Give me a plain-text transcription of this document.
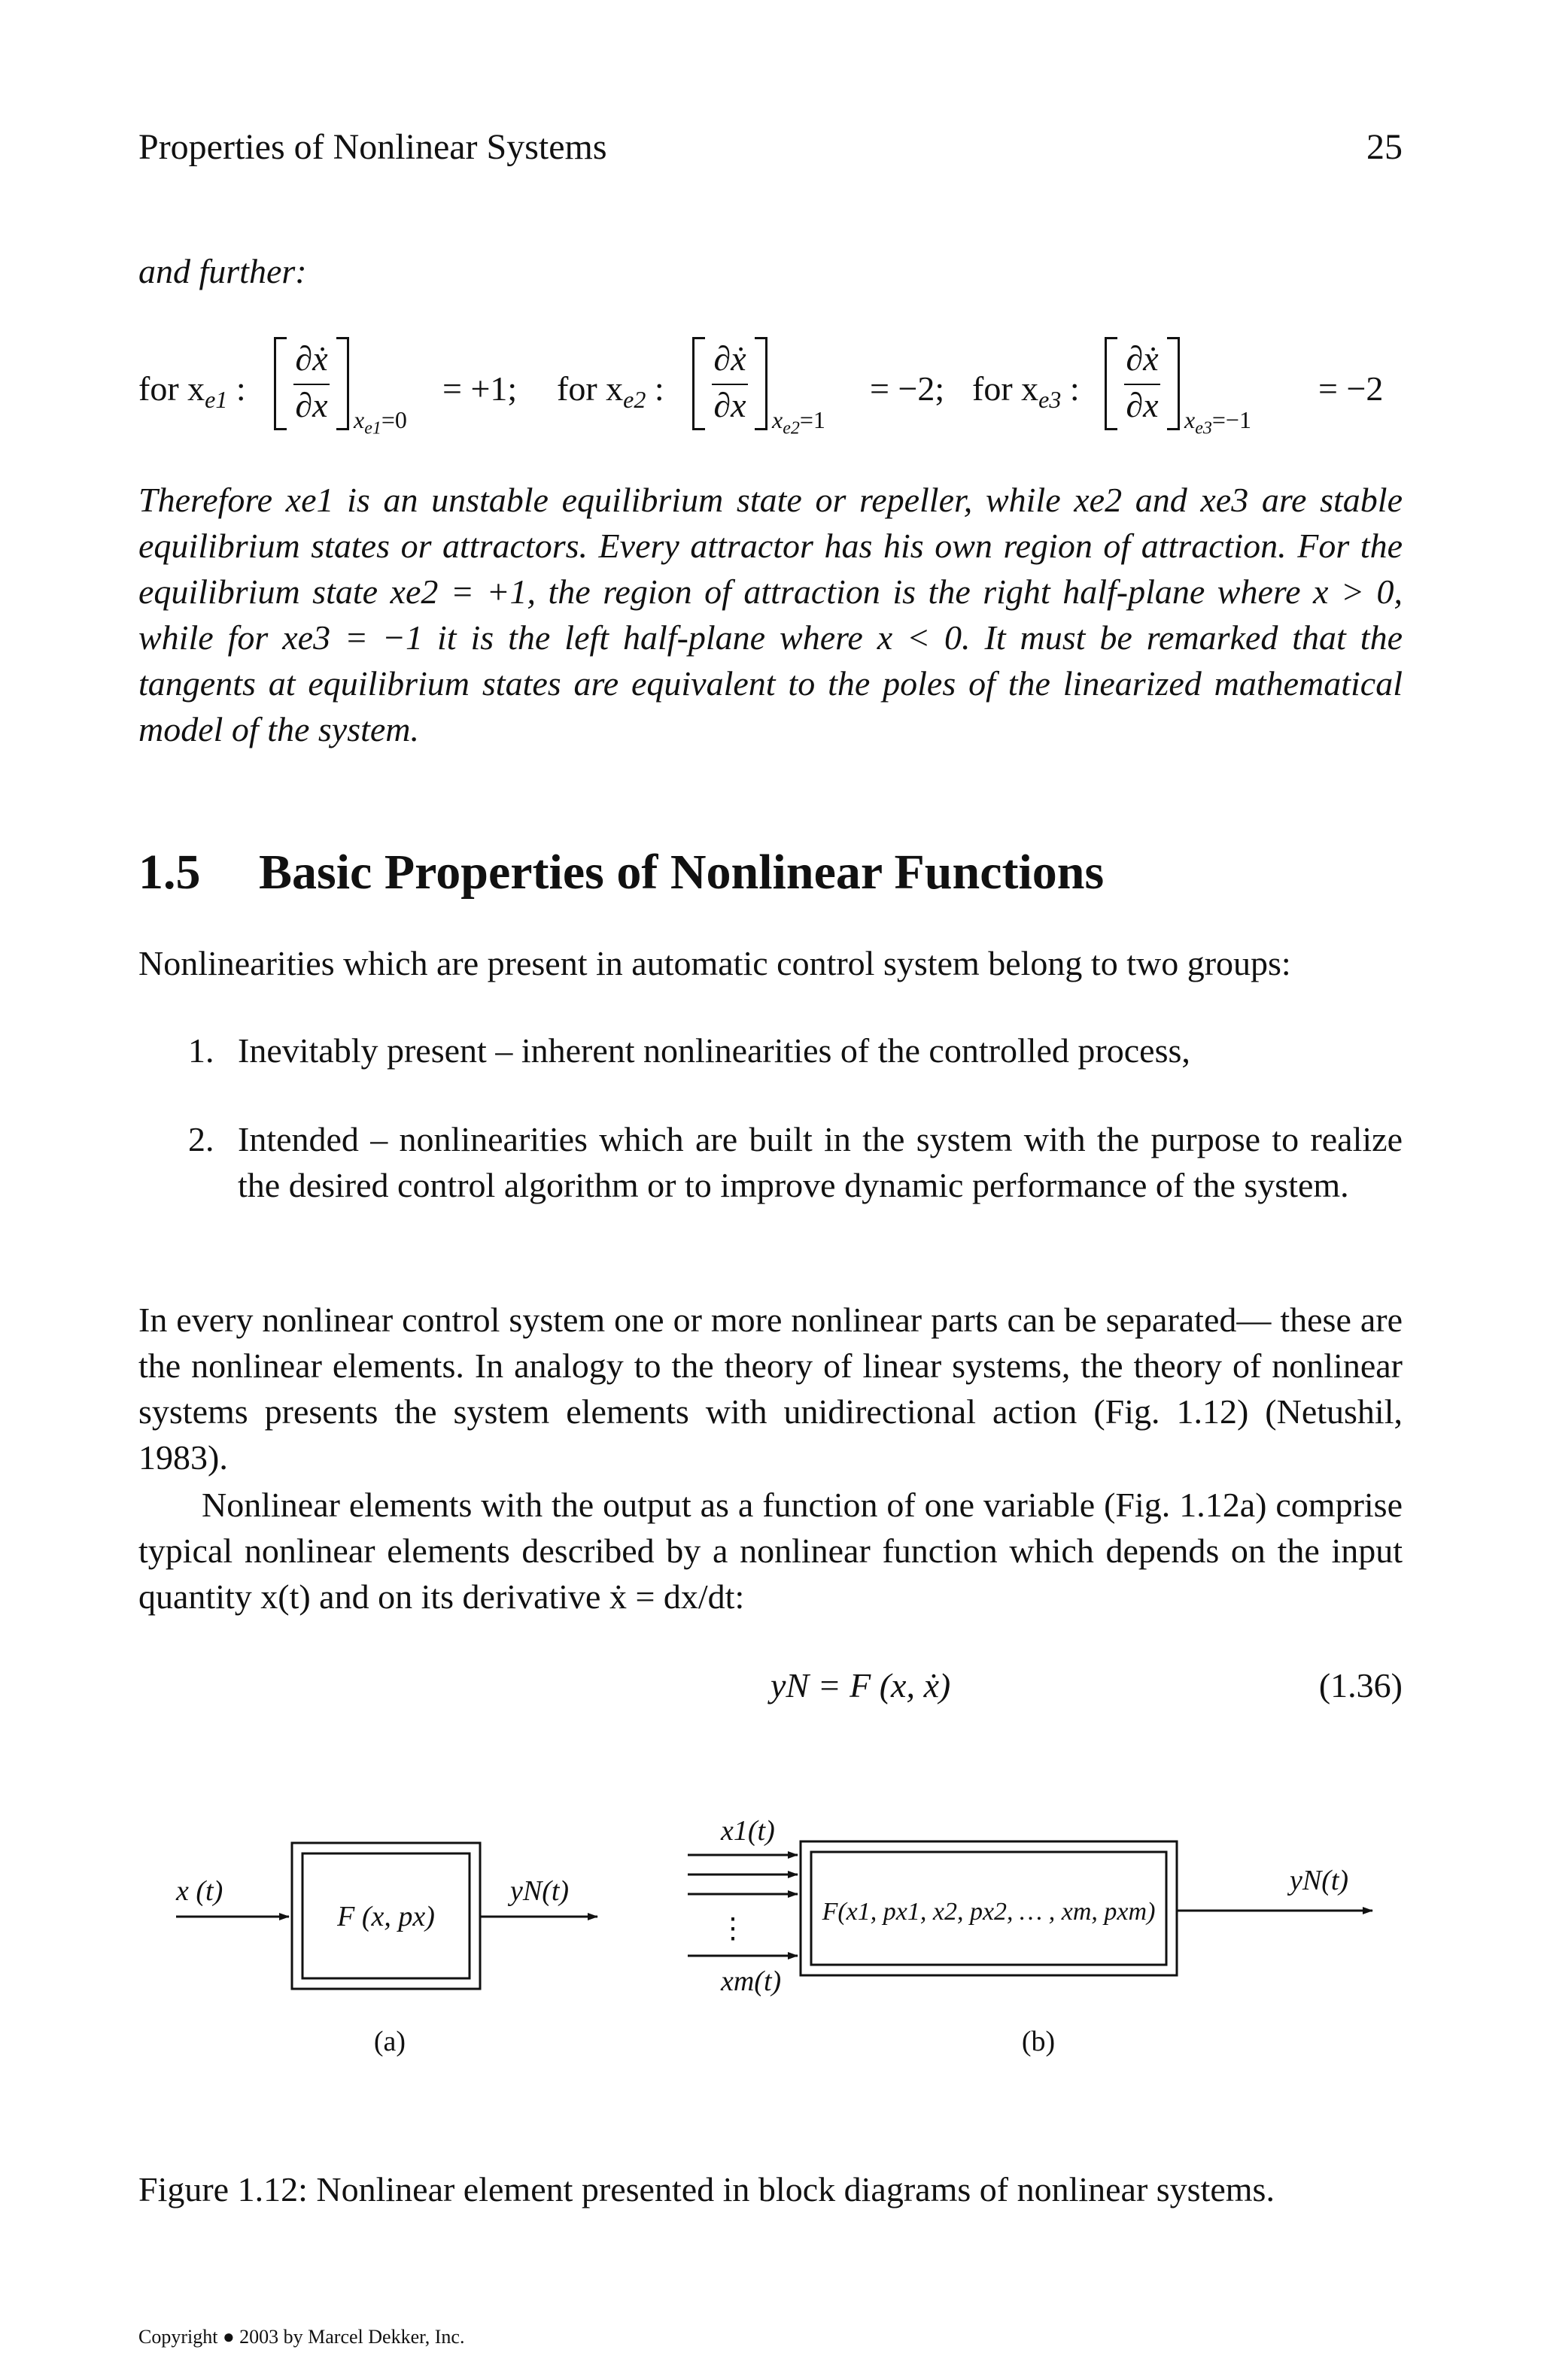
Properties of Nonlinear Systems	25
and further:
for $x_{e1}$ :
∂ẋ
∂x	$x_{e1}=0$
= +1; for $x_{e2}$ :
∂ẋ
∂x	$x_{e2}=1$
= −2; for $x_{e3}$ :
∂ẋ
∂x	$x_{e3}=-1$
= −2
Therefore xe1 is an unstable equilibrium state or repeller, while xe2 and xe3 are stable equilibrium states or attractors. Every attractor has his own region of attraction. For the equilibrium state xe2 = +1, the region of attraction is the right half-plane where x > 0, while for xe3 = −1 it is the left half-plane where x < 0. It must be remarked that the tangents at equilibrium states are equivalent to the poles of the linearized mathematical model of the system.
1.5 Basic Properties of Nonlinear Functions
Nonlinearities which are present in automatic control system belong to two groups:
1. Inevitably present – inherent nonlinearities of the controlled process,
2. Intended – nonlinearities which are built in the system with the purpose to realize the desired control algorithm or to improve dynamic performance of the system.
In every nonlinear control system one or more nonlinear parts can be separated— these are the nonlinear elements. In analogy to the theory of linear systems, the theory of nonlinear systems presents the system elements with unidirectional action (Fig. 1.12) (Netushil, 1983).
Nonlinear elements with the output as a function of one variable (Fig. 1.12a) comprise typical nonlinear elements described by a nonlinear function which depends on the input quantity x(t) and on its derivative ẋ = dx/dt:
yN = F (x, ẋ)	(1.36)
x (t)
F (x, px)
yN(t)
(a)
x1(t)
⋮
xm(t)
F(x1, px1, x2, px2, … , xm, pxm)
yN(t)
(b)
Figure 1.12: Nonlinear element presented in block diagrams of nonlinear systems.
Copyright ● 2003 by Marcel Dekker, Inc.
